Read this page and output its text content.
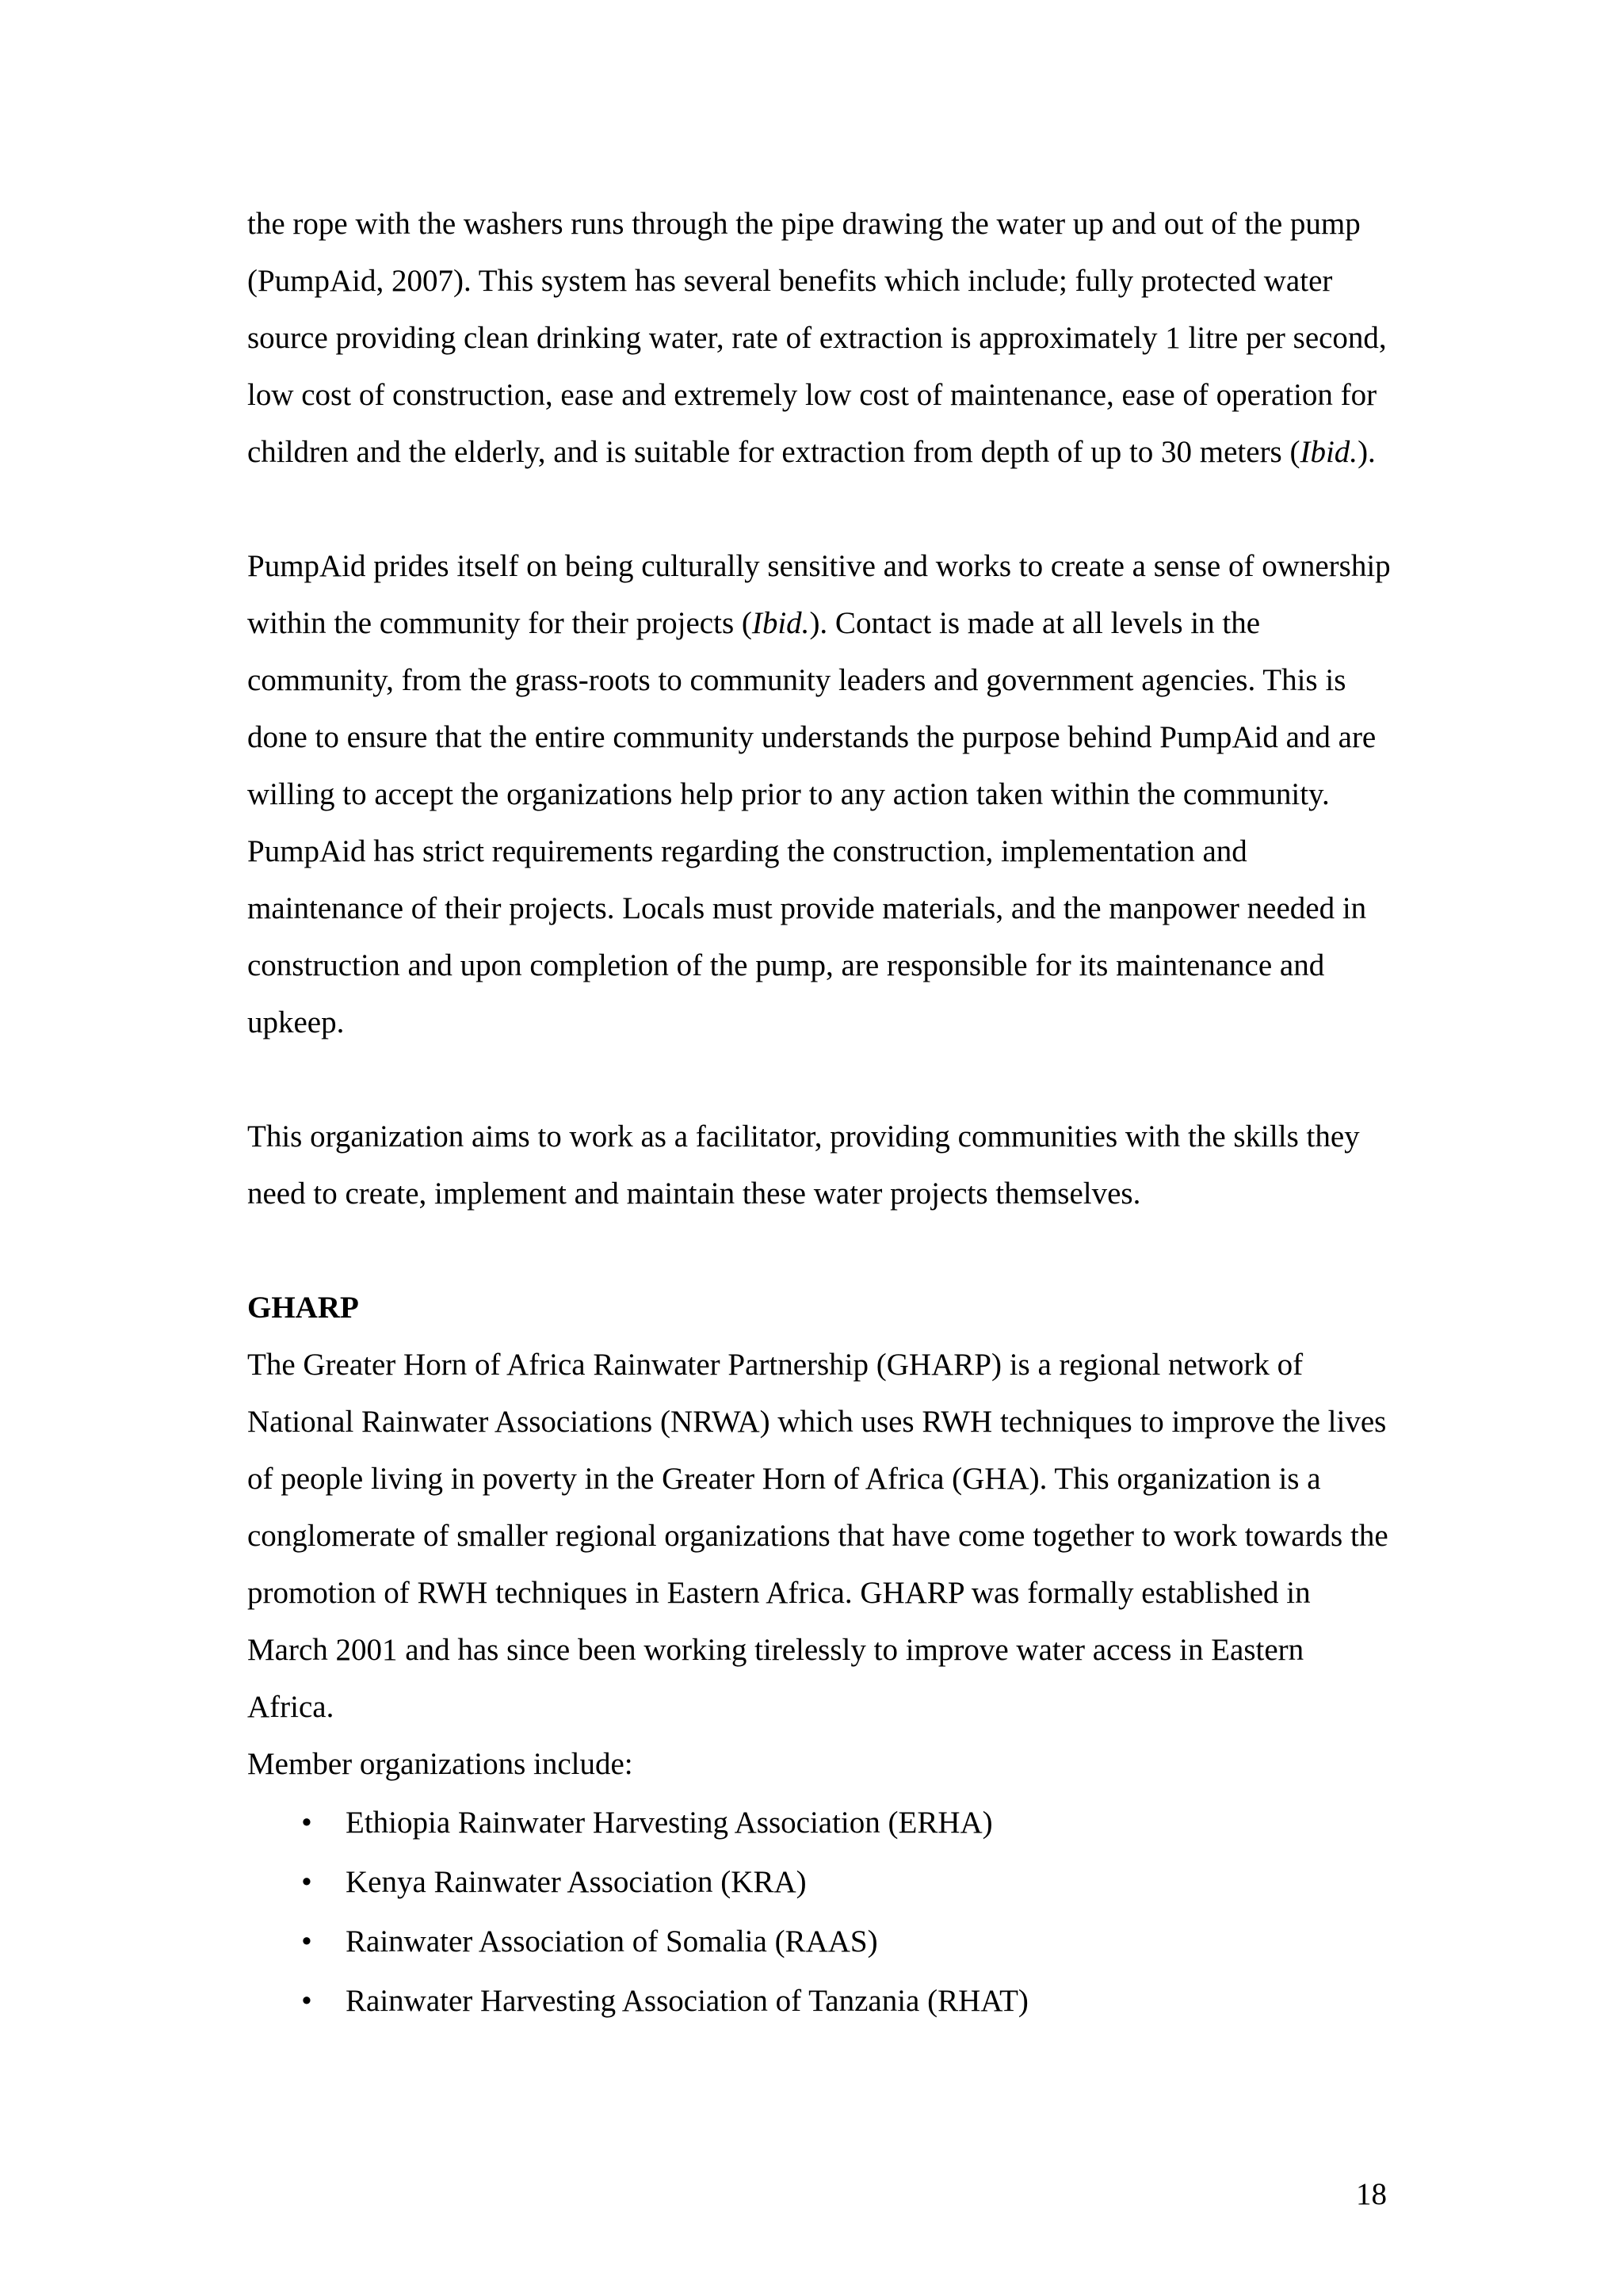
the rope with the washers runs through the pipe drawing the water up and out of the pump (PumpAid, 2007). This system has several benefits which include; fully protected water source providing clean drinking water, rate of extraction is approximately 1 litre per second, low cost of construction, ease and extremely low cost of maintenance, ease of operation for children and the elderly, and is suitable for extraction from depth of up to 30 meters (Ibid.).

PumpAid prides itself on being culturally sensitive and works to create a sense of ownership within the community for their projects (Ibid.). Contact is made at all levels in the community, from the grass-roots to community leaders and government agencies. This is done to ensure that the entire community understands the purpose behind PumpAid and are willing to accept the organizations help prior to any action taken within the community. PumpAid has strict requirements regarding the construction, implementation and maintenance of their projects. Locals must provide materials, and the manpower needed in construction and upon completion of the pump, are responsible for its maintenance and upkeep.

This organization aims to work as a facilitator, providing communities with the skills they need to create, implement and maintain these water projects themselves.

GHARP

The Greater Horn of Africa Rainwater Partnership (GHARP) is a regional network of National Rainwater Associations (NRWA) which uses RWH techniques to improve the lives of people living in poverty in the Greater Horn of Africa (GHA). This organization is a conglomerate of smaller regional organizations that have come together to work towards the promotion of RWH techniques in Eastern Africa. GHARP was formally established in March 2001 and has since been working tirelessly to improve water access in Eastern Africa.

Member organizations include:

• Ethiopia Rainwater Harvesting Association (ERHA)
• Kenya Rainwater Association (KRA)
• Rainwater Association of Somalia (RAAS)
• Rainwater Harvesting Association of Tanzania (RHAT)
18
